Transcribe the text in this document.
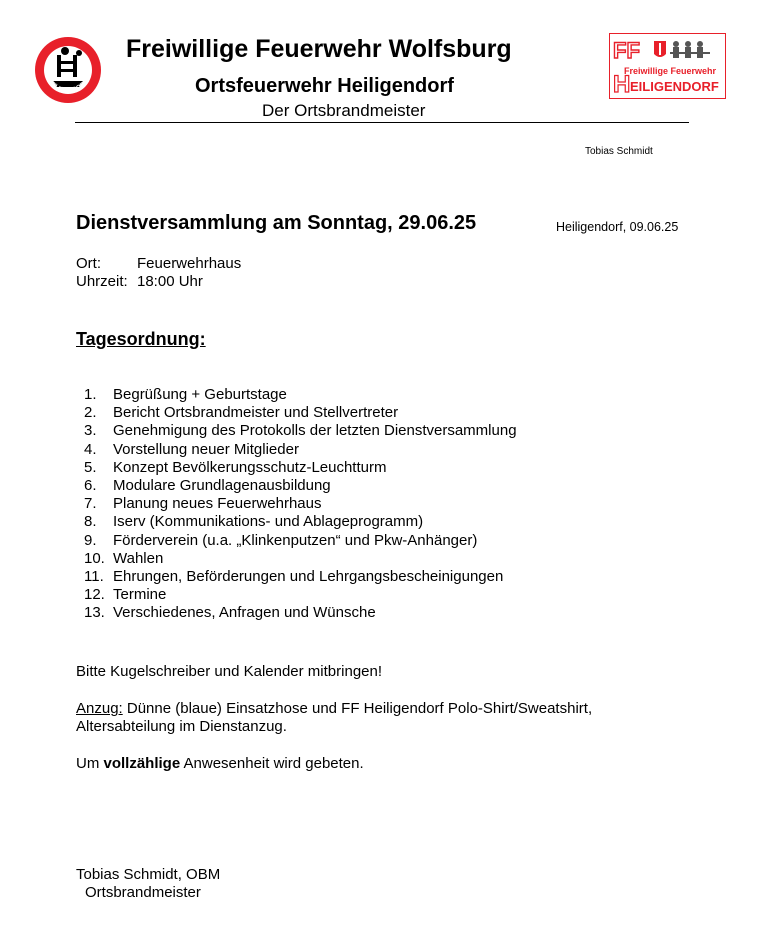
HEILIGENDORF
Freiwillige Feuerwehr Wolfsburg
Ortsfeuerwehr Heiligendorf
Der Ortsbrandmeister
FF
Freiwillige Feuerwehr
H EILIGENDORF
Tobias Schmidt
Dienstversammlung am Sonntag, 29.06.25	Heiligendorf, 09.06.25
Ort: Feuerwehrhaus
Uhrzeit: 18:00 Uhr
Tagesordnung:
1. Begrüßung + Geburtstage
2. Bericht Ortsbrandmeister und Stellvertreter
3. Genehmigung des Protokolls der letzten Dienstversammlung
4. Vorstellung neuer Mitglieder
5. Konzept Bevölkerungsschutz-Leuchtturm
6. Modulare Grundlagenausbildung
7. Planung neues Feuerwehrhaus
8. Iserv (Kommunikations- und Ablageprogramm)
9. Förderverein (u.a. „Klinkenputzen“ und Pkw-Anhänger)
10. Wahlen
11. Ehrungen, Beförderungen und Lehrgangsbescheinigungen
12. Termine
13. Verschiedenes, Anfragen und Wünsche
Bitte Kugelschreiber und Kalender mitbringen!
Anzug: Dünne (blaue) Einsatzhose und FF Heiligendorf Polo-Shirt/Sweatshirt,
Altersabteilung im Dienstanzug.
Um vollzählige Anwesenheit wird gebeten.
Tobias Schmidt, OBM
Ortsbrandmeister
